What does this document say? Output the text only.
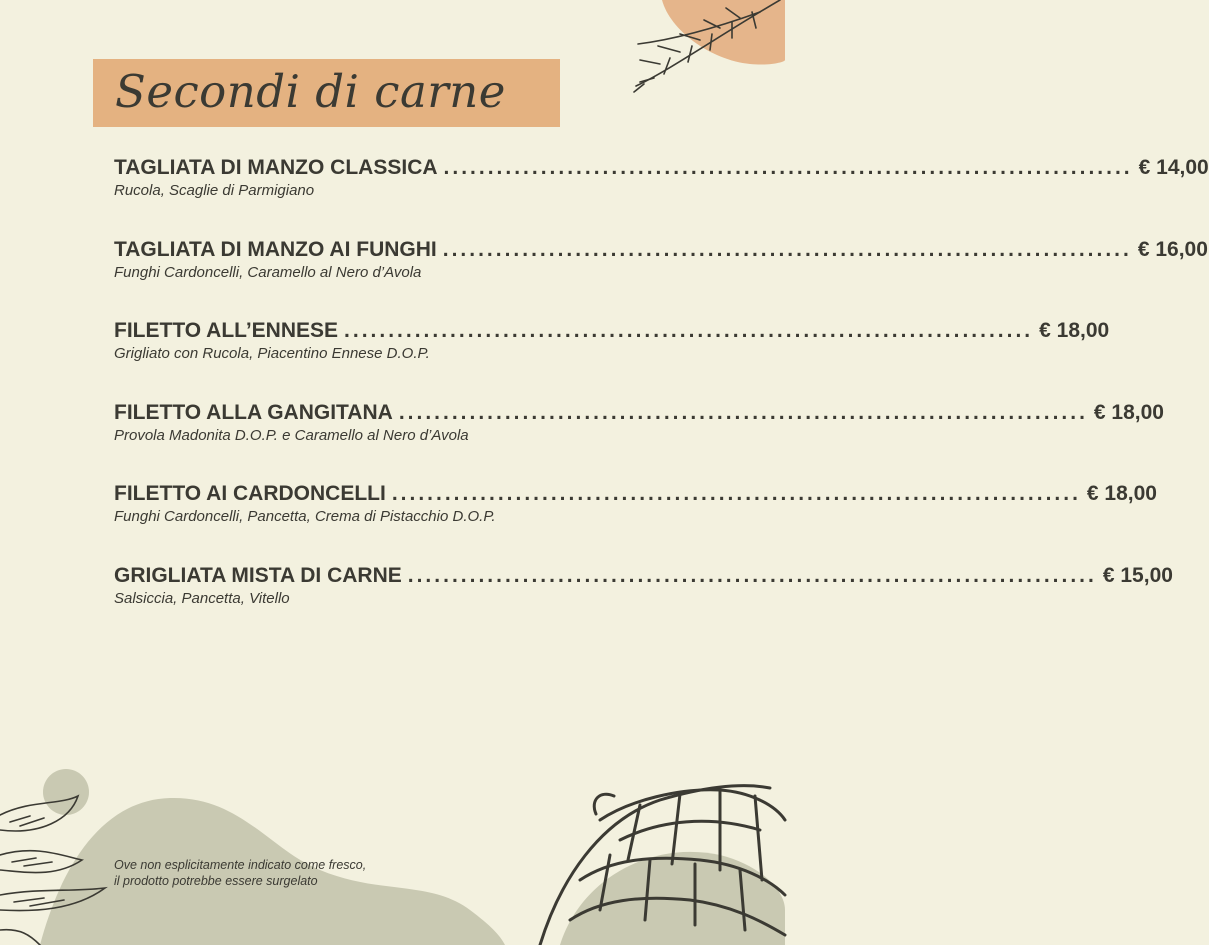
Secondi di carne
TAGLIATA DI MANZO CLASSICA .............................................................................. € 14,00
Rucola, Scaglie di Parmigiano
TAGLIATA DI MANZO AI FUNGHI .............................................................................. € 16,00
Funghi Cardoncelli, Caramello al Nero d’Avola
FILETTO ALL’ENNESE .............................................................................. € 18,00
Grigliato con Rucola, Piacentino Ennese D.O.P.
FILETTO ALLA GANGITANA .............................................................................. € 18,00
Provola Madonita D.O.P. e Caramello al Nero d’Avola
FILETTO AI CARDONCELLI .............................................................................. € 18,00
Funghi Cardoncelli, Pancetta, Crema di Pistacchio D.O.P.
GRIGLIATA MISTA DI CARNE .............................................................................. € 15,00
Salsiccia, Pancetta, Vitello
Ove non esplicitamente indicato come fresco,
il prodotto potrebbe essere surgelato
